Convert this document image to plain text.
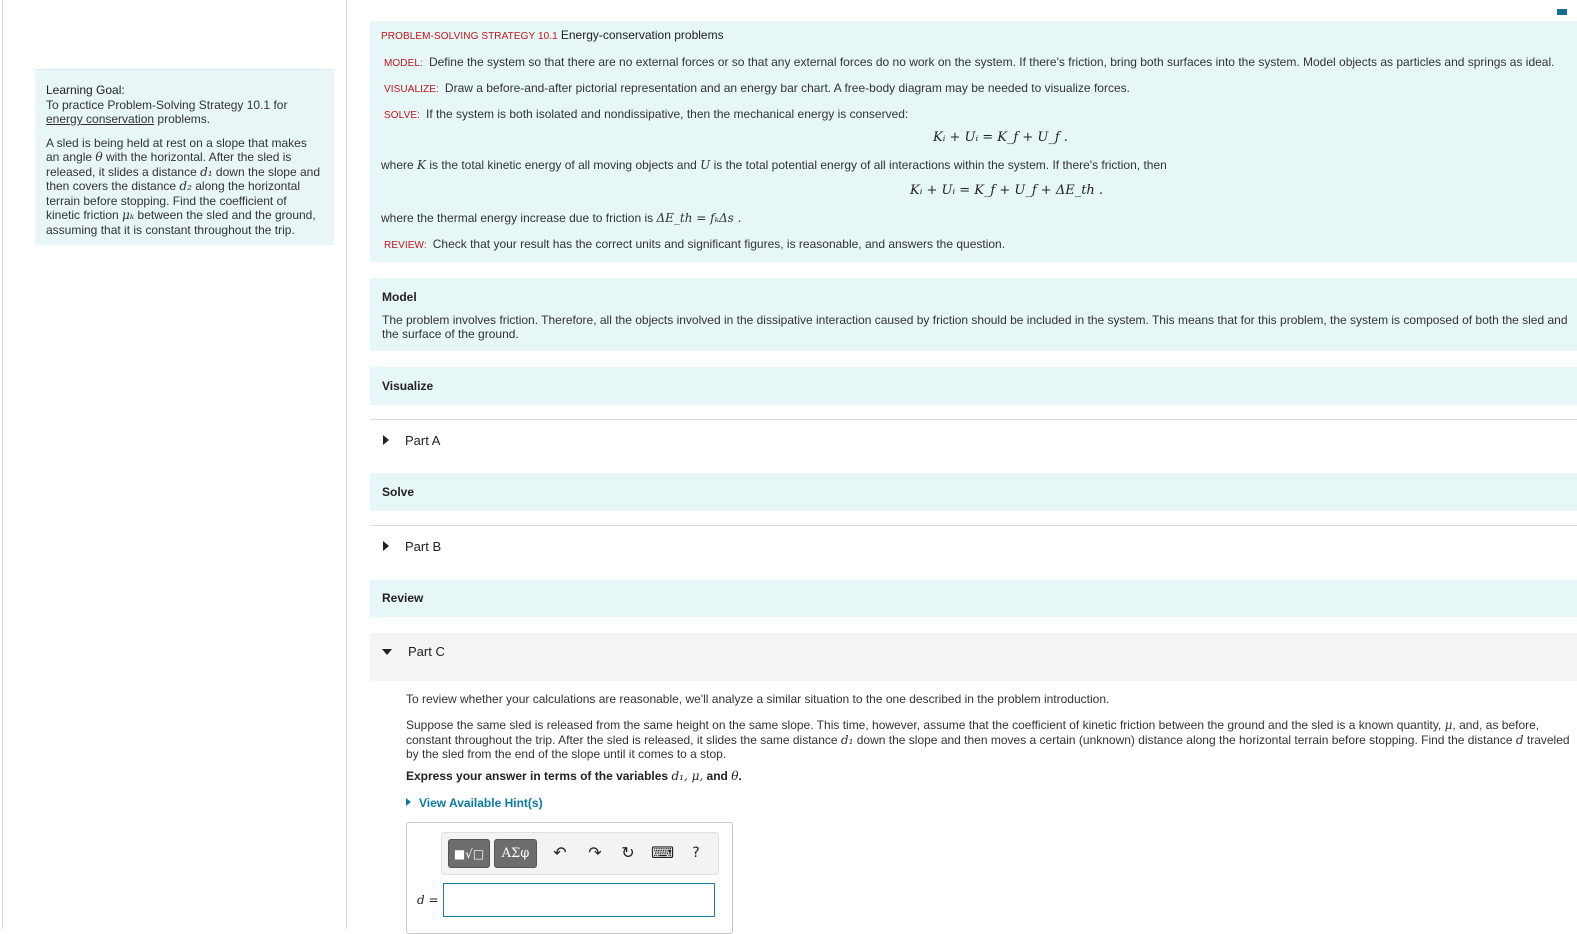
Learning Goal:
To practice Problem-Solving Strategy 10.1 for energy conservation problems.

A sled is being held at rest on a slope that makes an angle θ with the horizontal. After the sled is released, it slides a distance d₁ down the slope and then covers the distance d₂ along the horizontal terrain before stopping. Find the coefficient of kinetic friction μₖ between the sled and the ground, assuming that it is constant throughout the trip.

PROBLEM-SOLVING STRATEGY 10.1 Energy-conservation problems
MODEL: Define the system so that there are no external forces or so that any external forces do no work on the system. If there's friction, bring both surfaces into the system. Model objects as particles and springs as ideal.
VISUALIZE: Draw a before-and-after pictorial representation and an energy bar chart. A free-body diagram may be needed to visualize forces.
SOLVE: If the system is both isolated and nondissipative, then the mechanical energy is conserved:
Kᵢ + Uᵢ = K_f + U_f .
where K is the total kinetic energy of all moving objects and U is the total potential energy of all interactions within the system. If there's friction, then
Kᵢ + Uᵢ = K_f + U_f + ΔE_th .
where the thermal energy increase due to friction is ΔE_th = fₖΔs .
REVIEW: Check that your result has the correct units and significant figures, is reasonable, and answers the question.
Model
The problem involves friction. Therefore, all the objects involved in the dissipative interaction caused by friction should be included in the system. This means that for this problem, the system is composed of both the sled and the surface of the ground.
Visualize
Part A
Solve
Part B
Review
Part C
To review whether your calculations are reasonable, we'll analyze a similar situation to the one described in the problem introduction.
Suppose the same sled is released from the same height on the same slope. This time, however, assume that the coefficient of kinetic friction between the ground and the sled is a known quantity, μ, and, as before, constant throughout the trip. After the sled is released, it slides the same distance d₁ down the slope and then moves a certain (unknown) distance along the horizontal terrain before stopping. Find the distance d traveled by the sled from the end of the slope until it comes to a stop.
Express your answer in terms of the variables d₁, μ, and θ.
View Available Hint(s)
■√□	ΑΣφ	↶ ↷ ↻ ⌨	?
d =
